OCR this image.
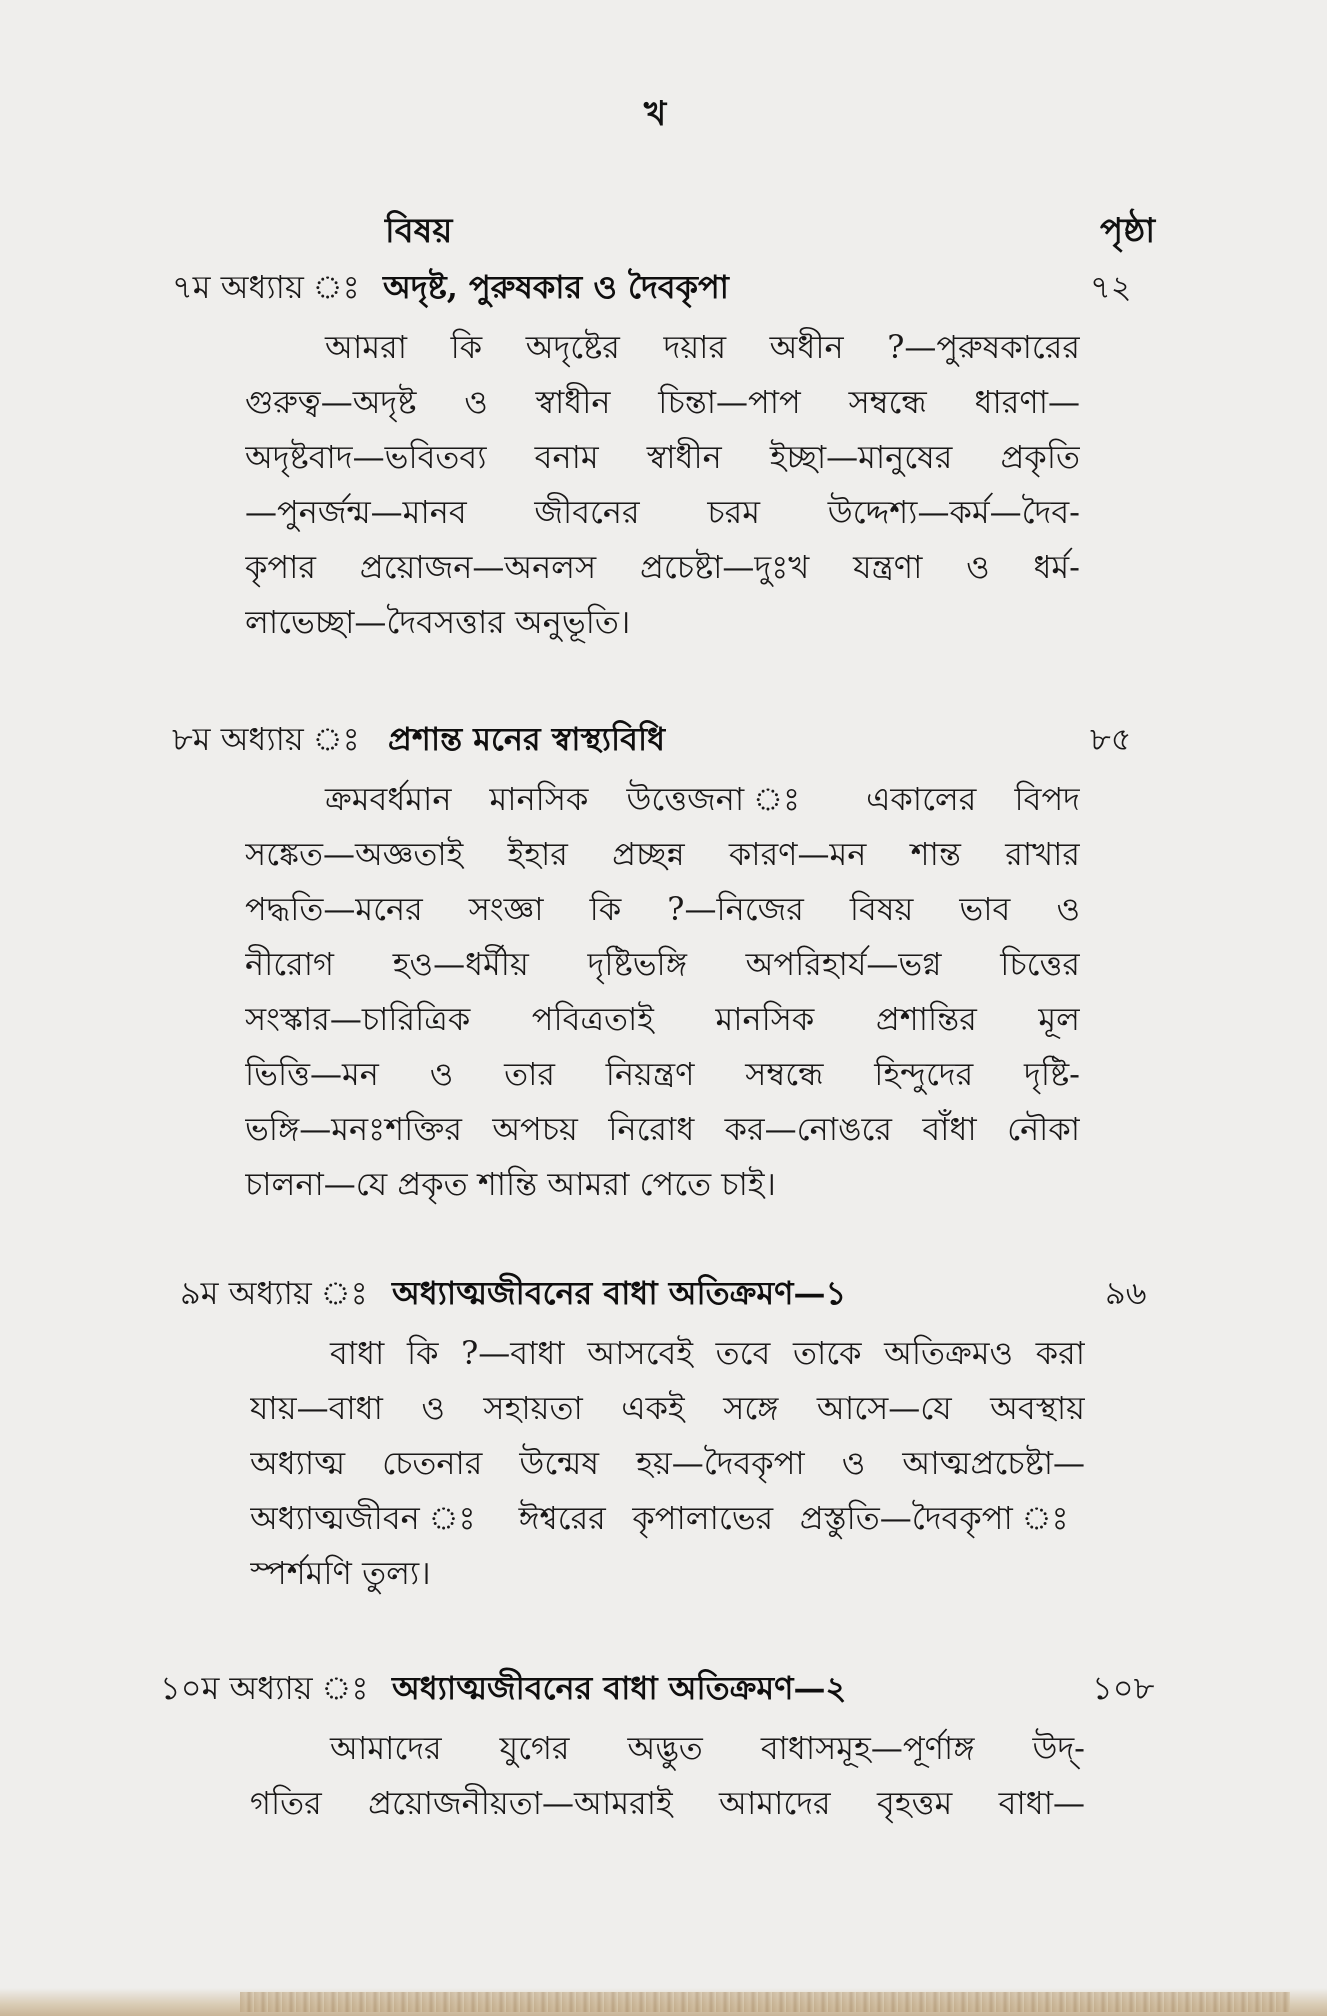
খ
বিষয়	পৃষ্ঠা
৭ম অধ্যায় ঃ অদৃষ্ট, পুরুষকার ও দৈবকৃপা	৭২
আমরা কি অদৃষ্টের দয়ার অধীন ?—পুরুষকারের
গুরুত্ব—অদৃষ্ট ও স্বাধীন চিন্তা—পাপ সম্বন্ধে ধারণা—
অদৃষ্টবাদ—ভবিতব্য বনাম স্বাধীন ইচ্ছা—মানুষের প্রকৃতি
—পুনর্জন্ম—মানব জীবনের চরম উদ্দেশ্য—কর্ম—দৈব-
কৃপার প্রয়োজন—অনলস প্রচেষ্টা—দুঃখ যন্ত্রণা ও ধর্ম-
লাভেচ্ছা—দৈবসত্তার অনুভূতি।
৮ম অধ্যায় ঃ প্রশান্ত মনের স্বাস্থ্যবিধি	৮৫
ক্রমবর্ধমান মানসিক উত্তেজনা ঃ একালের বিপদ
সঙ্কেত—অজ্ঞতাই ইহার প্রচ্ছন্ন কারণ—মন শান্ত রাখার
পদ্ধতি—মনের সংজ্ঞা কি ?—নিজের বিষয় ভাব ও
নীরোগ হও—ধর্মীয় দৃষ্টিভঙ্গি অপরিহার্য—ভগ্ন চিত্তের
সংস্কার—চারিত্রিক পবিত্রতাই মানসিক প্রশান্তির মূল
ভিত্তি—মন ও তার নিয়ন্ত্রণ সম্বন্ধে হিন্দুদের দৃষ্টি-
ভঙ্গি—মনঃশক্তির অপচয় নিরোধ কর—নোঙরে বাঁধা নৌকা
চালনা—যে প্রকৃত শান্তি আমরা পেতে চাই।
৯ম অধ্যায় ঃ অধ্যাত্মজীবনের বাধা অতিক্রমণ—১	৯৬
বাধা কি ?—বাধা আসবেই তবে তাকে অতিক্রমও করা
যায়—বাধা ও সহায়তা একই সঙ্গে আসে—যে অবস্থায়
অধ্যাত্ম চেতনার উন্মেষ হয়—দৈবকৃপা ও আত্মপ্রচেষ্টা—
অধ্যাত্মজীবন ঃ ঈশ্বরের কৃপালাভের প্রস্তুতি—দৈবকৃপা ঃ
স্পর্শমণি তুল্য।
১০ম অধ্যায় ঃ অধ্যাত্মজীবনের বাধা অতিক্রমণ—২	১০৮
আমাদের যুগের অদ্ভুত বাধাসমূহ—পূর্ণাঙ্গ উদ্-
গতির প্রয়োজনীয়তা—আমরাই আমাদের বৃহত্তম বাধা—
